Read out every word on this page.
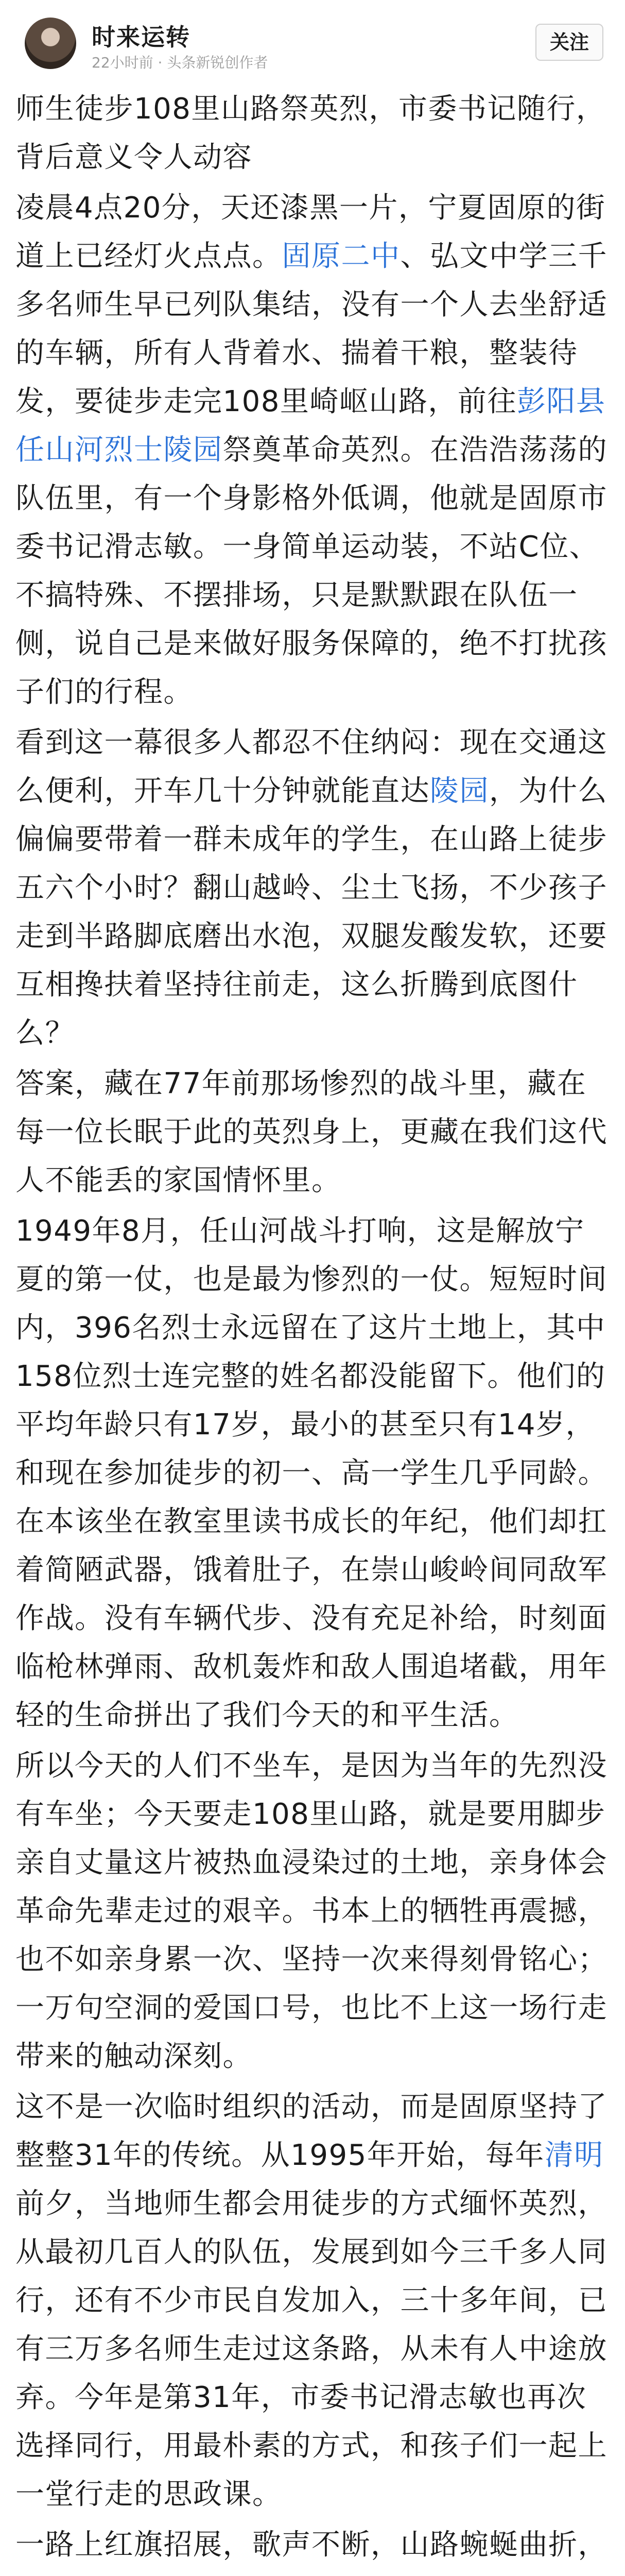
时来运转
22小时前 · 头条新锐创作者
关注

师生徒步108里山路祭英烈，市委书记随行，背后意义令人动容

凌晨4点20分，天还漆黑一片，宁夏固原的街道上已经灯火点点。固原二中、弘文中学三千多名师生早已列队集结，没有一个人去坐舒适的车辆，所有人背着水、揣着干粮，整装待发，要徒步走完108里崎岖山路，前往彭阳县任山河烈士陵园祭奠革命英烈。在浩浩荡荡的队伍里，有一个身影格外低调，他就是固原市委书记滑志敏。一身简单运动装，不站C位、不搞特殊、不摆排场，只是默默跟在队伍一侧，说自己是来做好服务保障的，绝不打扰孩子们的行程。

看到这一幕很多人都忍不住纳闷：现在交通这么便利，开车几十分钟就能直达陵园，为什么偏偏要带着一群未成年的学生，在山路上徒步五六个小时？翻山越岭、尘土飞扬，不少孩子走到半路脚底磨出水泡，双腿发酸发软，还要互相搀扶着坚持往前走，这么折腾到底图什么？

答案，藏在77年前那场惨烈的战斗里，藏在每一位长眠于此的英烈身上，更藏在我们这代人不能丢的家国情怀里。

1949年8月，任山河战斗打响，这是解放宁夏的第一仗，也是最为惨烈的一仗。短短时间内，396名烈士永远留在了这片土地上，其中158位烈士连完整的姓名都没能留下。他们的平均年龄只有17岁，最小的甚至只有14岁，和现在参加徒步的初一、高一学生几乎同龄。在本该坐在教室里读书成长的年纪，他们却扛着简陋武器，饿着肚子，在崇山峻岭间同敌军作战。没有车辆代步、没有充足补给，时刻面临枪林弹雨、敌机轰炸和敌人围追堵截，用年轻的生命拼出了我们今天的和平生活。

所以今天的人们不坐车，是因为当年的先烈没有车坐；今天要走108里山路，就是要用脚步亲自丈量这片被热血浸染过的土地，亲身体会革命先辈走过的艰辛。书本上的牺牲再震撼，也不如亲身累一次、坚持一次来得刻骨铭心；一万句空洞的爱国口号，也比不上这一场行走带来的触动深刻。

这不是一次临时组织的活动，而是固原坚持了整整31年的传统。从1995年开始，每年清明前夕，当地师生都会用徒步的方式缅怀英烈，从最初几百人的队伍，发展到如今三千多人同行，还有不少市民自发加入，三十多年间，已有三万多名师生走过这条路，从未有人中途放弃。今年是第31年，市委书记滑志敏也再次选择同行，用最朴素的方式，和孩子们一起上一堂行走的思政课。

一路上红旗招展，歌声不断，山路蜿蜒曲折，
